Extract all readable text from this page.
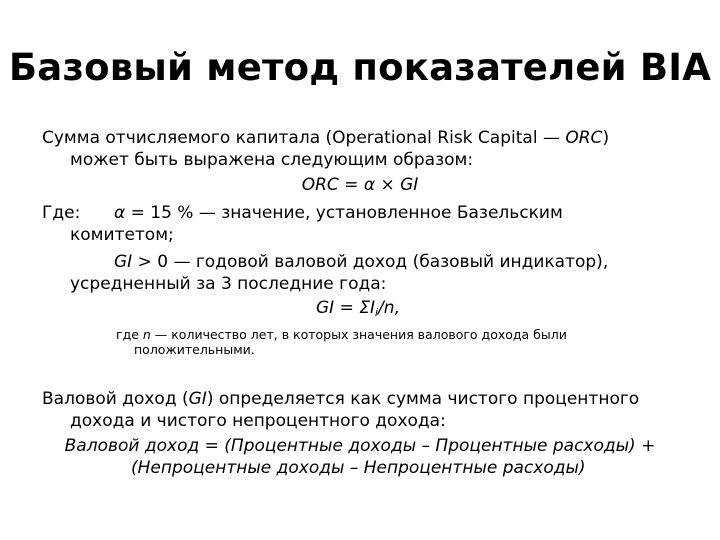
Базовый метод показателей BIA
Сумма отчисляемого капитала (Operational Risk Capital — ORC)
может быть выражена следующим образом:
ORC = α × GI
Где: α = 15 % — значение, установленное Базельским
комитетом;
GI > 0 — годовой валовой доход (базовый индикатор),
усредненный за 3 последние года:
GI = $\Sigma I_i/n$,
где n — количество лет, в которых значения валового дохода были
положительными.
Валовой доход (GI) определяется как сумма чистого процентного
дохода и чистого непроцентного дохода:
Валовой доход = (Процентные доходы – Процентные расходы) +
(Непроцентные доходы – Непроцентные расходы)
